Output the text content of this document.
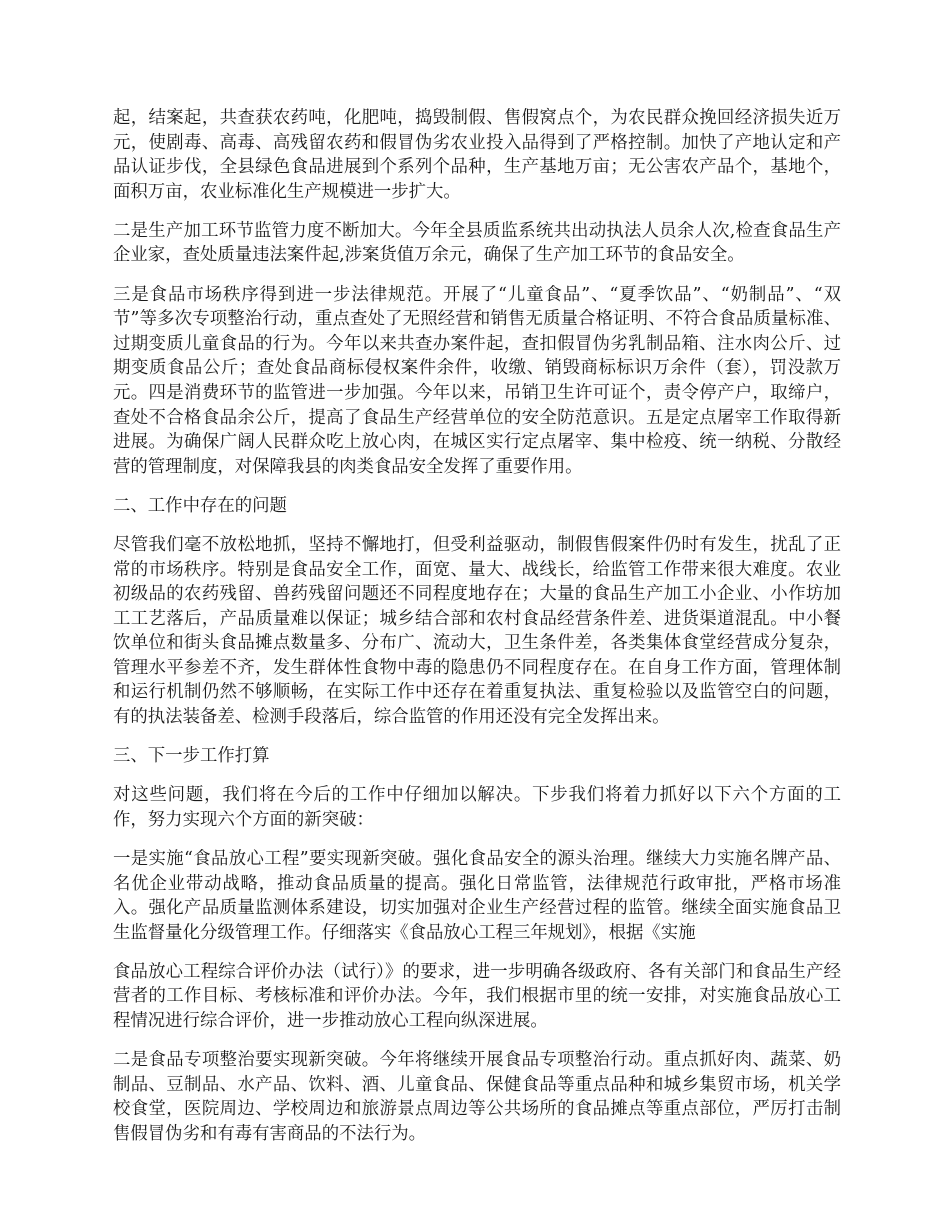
起，结案起，共查获农药吨，化肥吨，捣毁制假、售假窝点个，为农民群众挽回经济损失近万元，使剧毒、高毒、高残留农药和假冒伪劣农业投入品得到了严格控制。加快了产地认定和产品认证步伐，全县绿色食品进展到个系列个品种，生产基地万亩；无公害农产品个，基地个，面积万亩，农业标准化生产规模进一步扩大。

二是生产加工环节监管力度不断加大。今年全县质监系统共出动执法人员余人次,检查食品生产企业家，查处质量违法案件起,涉案货值万余元，确保了生产加工环节的食品安全。

三是食品市场秩序得到进一步法律规范。开展了“儿童食品”、“夏季饮品”、“奶制品”、“双节”等多次专项整治行动，重点查处了无照经营和销售无质量合格证明、不符合食品质量标准、过期变质儿童食品的行为。今年以来共查办案件起，查扣假冒伪劣乳制品箱、注水肉公斤、过期变质食品公斤；查处食品商标侵权案件余件，收缴、销毁商标标识万余件（套），罚没款万元。四是消费环节的监管进一步加强。今年以来，吊销卫生许可证个，责令停产户，取缔户，查处不合格食品余公斤，提高了食品生产经营单位的安全防范意识。五是定点屠宰工作取得新进展。为确保广阔人民群众吃上放心肉，在城区实行定点屠宰、集中检疫、统一纳税、分散经营的管理制度，对保障我县的肉类食品安全发挥了重要作用。

二、工作中存在的问题

尽管我们毫不放松地抓，坚持不懈地打，但受利益驱动，制假售假案件仍时有发生，扰乱了正常的市场秩序。特别是食品安全工作，面宽、量大、战线长，给监管工作带来很大难度。农业初级品的农药残留、兽药残留问题还不同程度地存在；大量的食品生产加工小企业、小作坊加工工艺落后，产品质量难以保证；城乡结合部和农村食品经营条件差、进货渠道混乱。中小餐饮单位和街头食品摊点数量多、分布广、流动大，卫生条件差，各类集体食堂经营成分复杂，管理水平参差不齐，发生群体性食物中毒的隐患仍不同程度存在。在自身工作方面，管理体制和运行机制仍然不够顺畅，在实际工作中还存在着重复执法、重复检验以及监管空白的问题，有的执法装备差、检测手段落后，综合监管的作用还没有完全发挥出来。

三、下一步工作打算

对这些问题，我们将在今后的工作中仔细加以解决。下步我们将着力抓好以下六个方面的工作，努力实现六个方面的新突破：

一是实施“食品放心工程”要实现新突破。强化食品安全的源头治理。继续大力实施名牌产品、名优企业带动战略，推动食品质量的提高。强化日常监管，法律规范行政审批，严格市场准入。强化产品质量监测体系建设，切实加强对企业生产经营过程的监管。继续全面实施食品卫生监督量化分级管理工作。仔细落实《食品放心工程三年规划》，根据《实施

食品放心工程综合评价办法（试行）》的要求，进一步明确各级政府、各有关部门和食品生产经营者的工作目标、考核标准和评价办法。今年，我们根据市里的统一安排，对实施食品放心工程情况进行综合评价，进一步推动放心工程向纵深进展。

二是食品专项整治要实现新突破。今年将继续开展食品专项整治行动。重点抓好肉、蔬菜、奶制品、豆制品、水产品、饮料、酒、儿童食品、保健食品等重点品种和城乡集贸市场，机关学校食堂，医院周边、学校周边和旅游景点周边等公共场所的食品摊点等重点部位，严厉打击制售假冒伪劣和有毒有害商品的不法行为。
